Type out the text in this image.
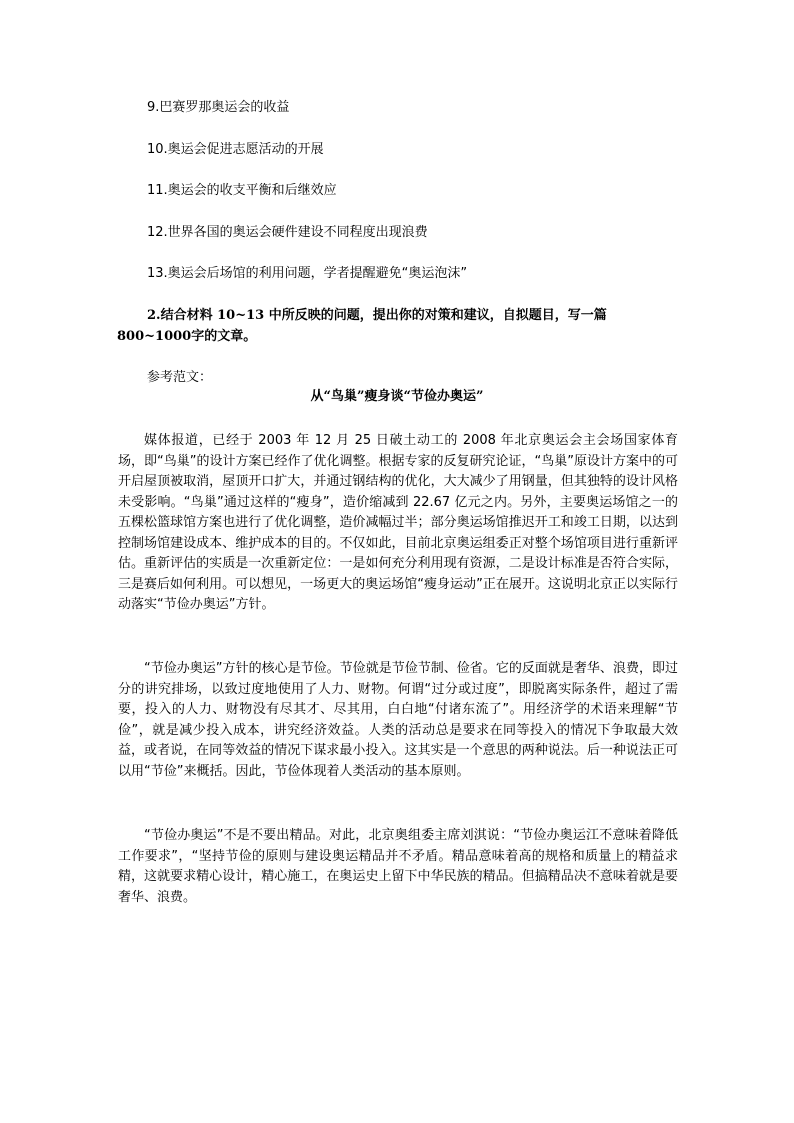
9.巴赛罗那奥运会的收益
10.奥运会促进志愿活动的开展
11.奥运会的收支平衡和后继效应
12.世界各国的奥运会硬件建设不同程度出现浪费
13.奥运会后场馆的利用问题，学者提醒避免“奥运泡沫”
2.结合材料 10~13 中所反映的问题，提出你的对策和建议，自拟题目，写一篇
800~1000字的文章。
参考范文：
从“鸟巢”瘦身谈“节俭办奥运”

媒体报道，已经于 2003 年 12 月 25 日破土动工的 2008 年北京奥运会主会场国家体育场，即“鸟巢”的设计方案已经作了优化调整。根据专家的反复研究论证，“鸟巢”原设计方案中的可开启屋顶被取消，屋顶开口扩大，并通过钢结构的优化，大大减少了用钢量，但其独特的设计风格未受影响。“鸟巢”通过这样的“瘦身”，造价缩减到 22.67 亿元之内。另外，主要奥运场馆之一的五棵松篮球馆方案也进行了优化调整，造价减幅过半；部分奥运场馆推迟开工和竣工日期，以达到控制场馆建设成本、维护成本的目的。不仅如此，目前北京奥运组委正对整个场馆项目进行重新评估。重新评估的实质是一次重新定位：一是如何充分利用现有资源，二是设计标准是否符合实际，三是赛后如何利用。可以想见，一场更大的奥运场馆“瘦身运动”正在展开。这说明北京正以实际行动落实“节俭办奥运”方针。

“节俭办奥运”方针的核心是节俭。节俭就是节俭节制、俭省。它的反面就是奢华、浪费，即过分的讲究排场，以致过度地使用了人力、财物。何谓“过分或过度”，即脱离实际条件，超过了需要，投入的人力、财物没有尽其才、尽其用，白白地“付诸东流了”。用经济学的术语来理解“节俭”，就是减少投入成本，讲究经济效益。人类的活动总是要求在同等投入的情况下争取最大效益，或者说，在同等效益的情况下谋求最小投入。这其实是一个意思的两种说法。后一种说法正可以用“节俭”来概括。因此，节俭体现着人类活动的基本原则。

“节俭办奥运”不是不要出精品。对此，北京奥组委主席刘淇说：“节俭办奥运江不意味着降低工作要求”，“坚持节俭的原则与建设奥运精品并不矛盾。精品意味着高的规格和质量上的精益求精，这就要求精心设计，精心施工，在奥运史上留下中华民族的精品。但搞精品决不意味着就是要奢华、浪费。
